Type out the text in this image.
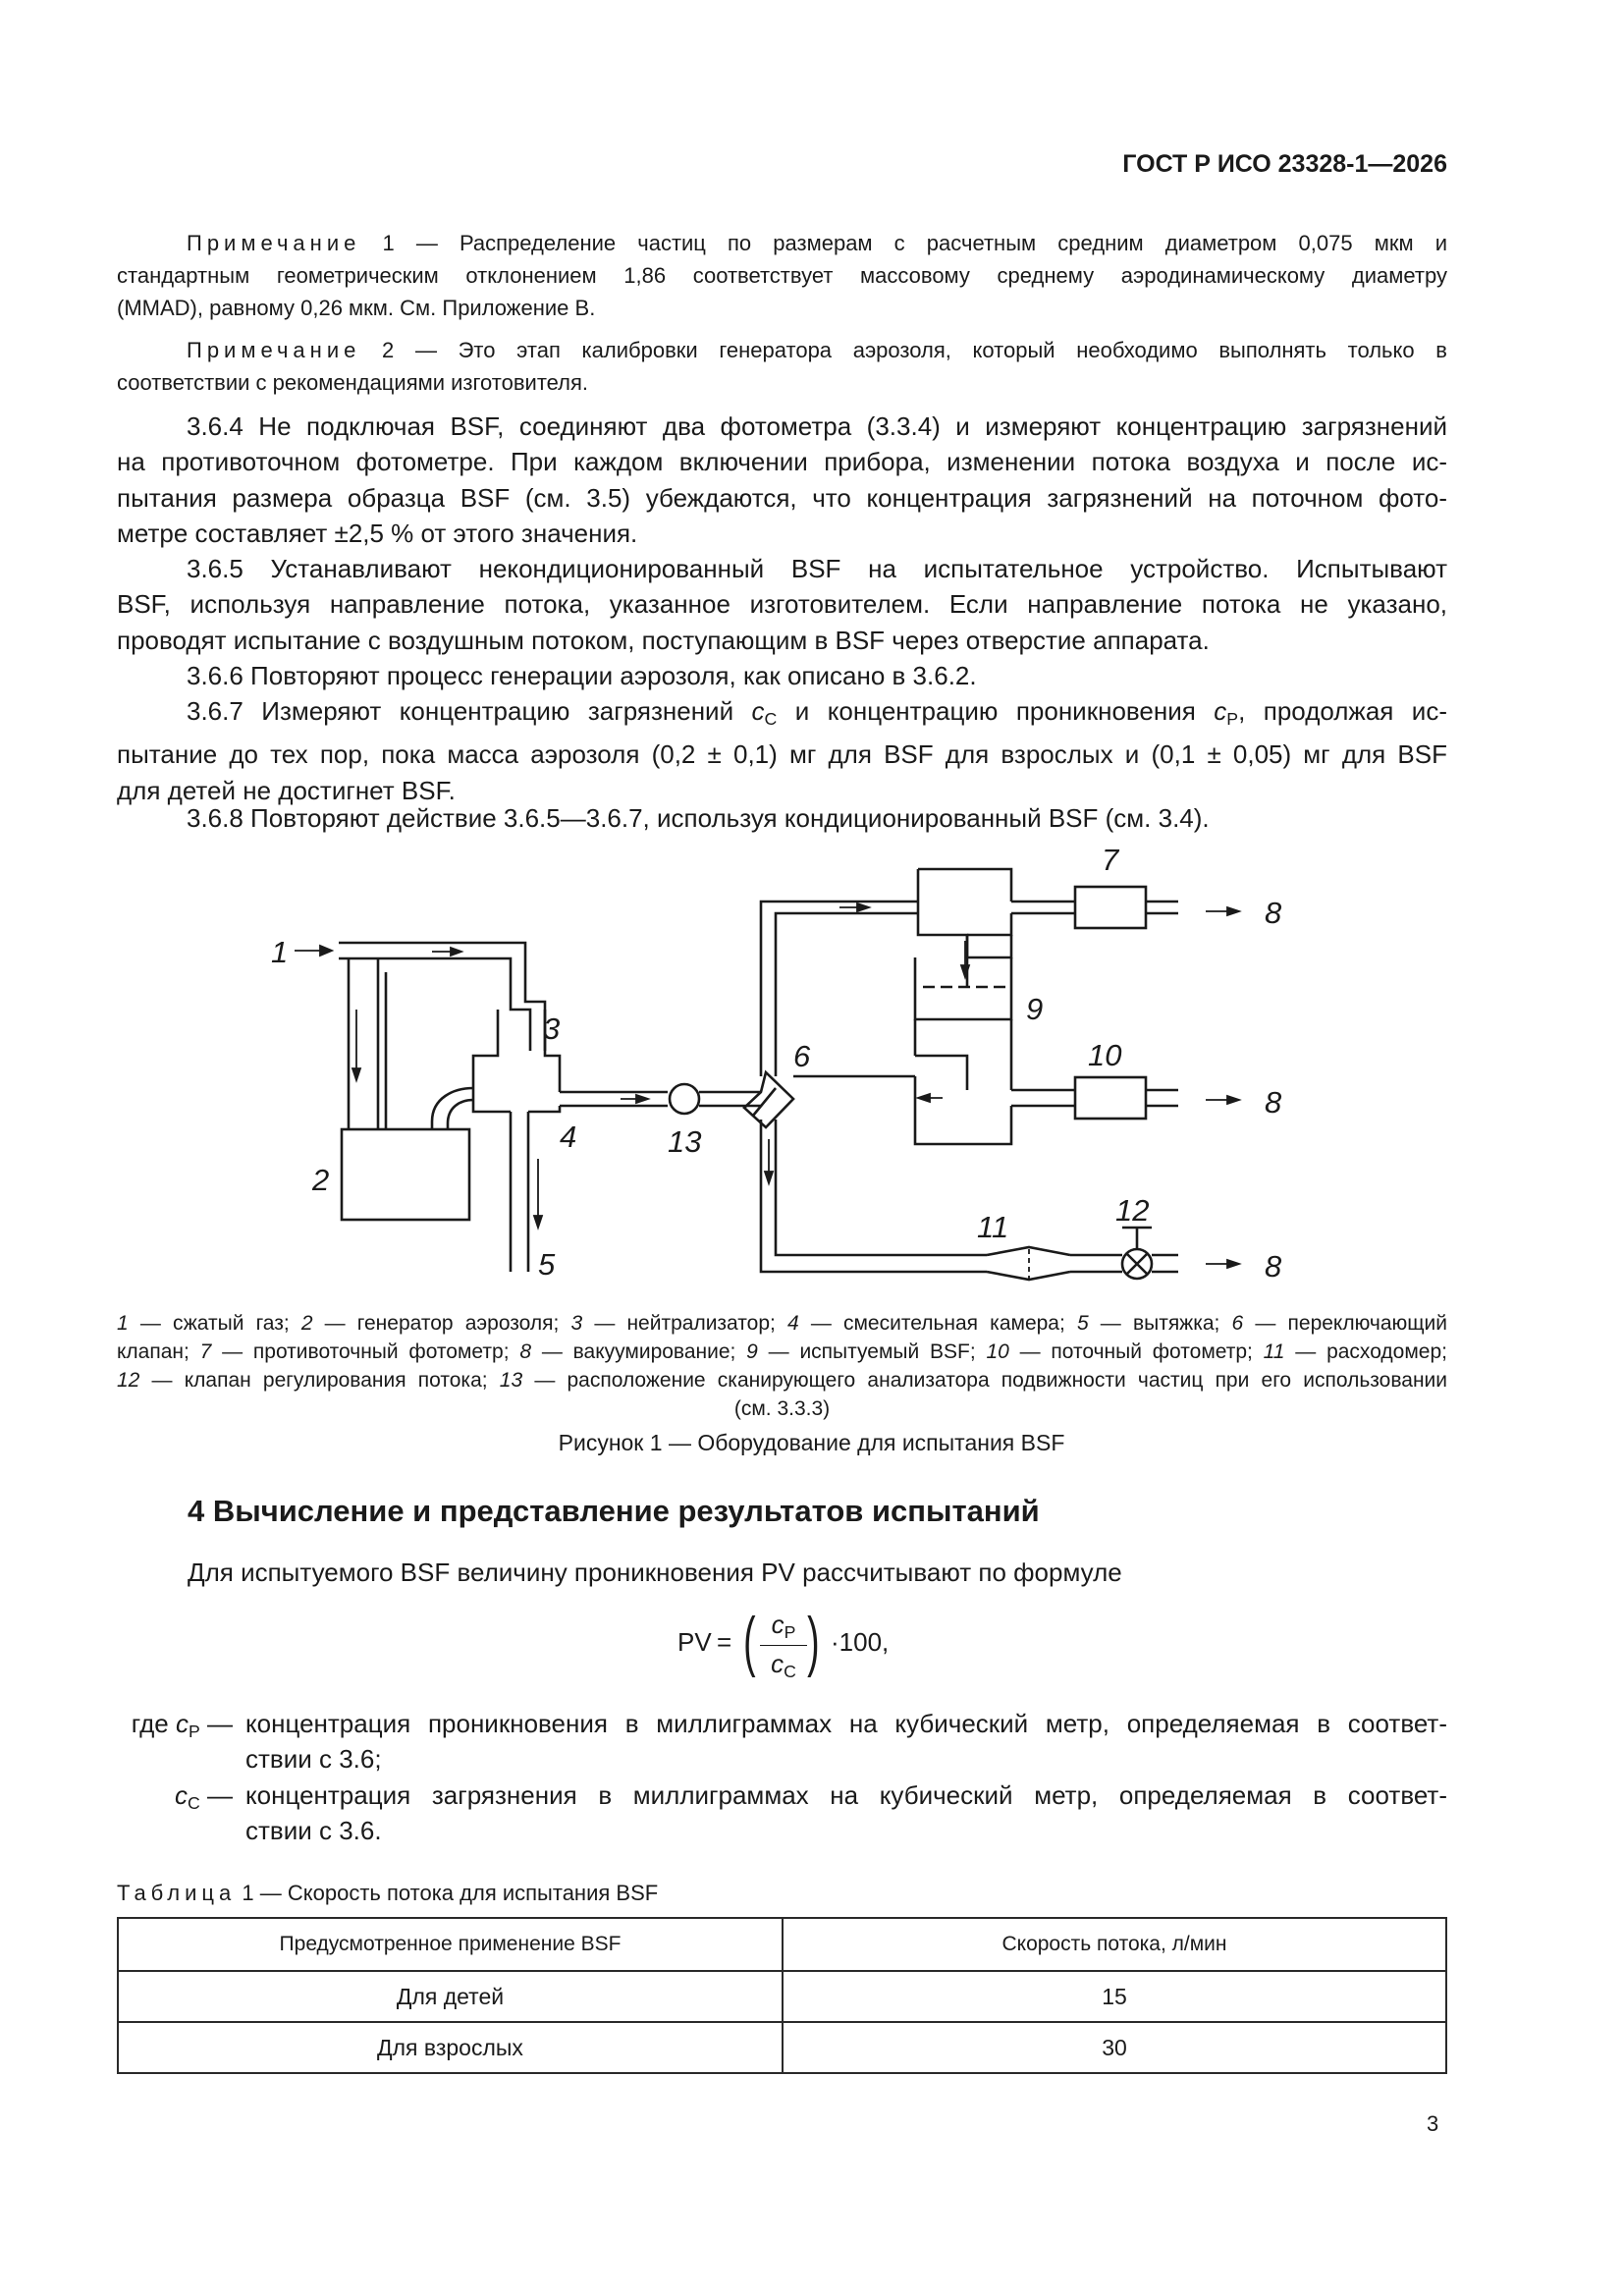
ГОСТ Р ИСО 23328-1—2026
Примечание 1 — Распределение частиц по размерам с расчетным средним диаметром 0,075 мкм и
стандартным геометрическим отклонением 1,86 соответствует массовому среднему аэродинамическому диаметру
(MMAD), равному 0,26 мкм. См. Приложение В.
Примечание 2 — Это этап калибровки генератора аэрозоля, который необходимо выполнять только в
соответствии с рекомендациями изготовителя.
3.6.4 Не подключая BSF, соединяют два фотометра (3.3.4) и измеряют концентрацию загрязнений
на противоточном фотометре. При каждом включении прибора, изменении потока воздуха и после ис-
пытания размера образца BSF (см. 3.5) убеждаются, что концентрация загрязнений на поточном фото-
метре составляет ±2,5 % от этого значения.
3.6.5 Устанавливают некондиционированный BSF на испытательное устройство. Испытывают
BSF, используя направление потока, указанное изготовителем. Если направление потока не указано,
проводят испытание с воздушным потоком, поступающим в BSF через отверстие аппарата.
3.6.6 Повторяют процесс генерации аэрозоля, как описано в 3.6.2.
3.6.7 Измеряют концентрацию загрязнений $c_C$ и концентрацию проникновения $c_P$, продолжая ис-
пытание до тех пор, пока масса аэрозоля (0,2 ± 0,1) мг для BSF для взрослых и (0,1 ± 0,05) мг для BSF
для детей не достигнет BSF.
3.6.8 Повторяют действие 3.6.5—3.6.7, используя кондиционированный BSF (см. 3.4).
1
2
3
4
5
6
7
8
8
8
9
10
11	12
13
1 — сжатый газ; 2 — генератор аэрозоля; 3 — нейтрализатор; 4 — смесительная камера; 5 — вытяжка; 6 — переключающий
клапан; 7 — противоточный фотометр; 8 — вакуумирование; 9 — испытуемый BSF; 10 — поточный фотометр; 11 — расходомер;
12 — клапан регулирования потока; 13 — расположение сканирующего анализатора подвижности частиц при его использовании
(см. 3.3.3)
Рисунок 1 — Оборудование для испытания BSF
4 Вычисление и представление результатов испытаний
Для испытуемого BSF величину проникновения PV рассчитывают по формуле
PV = ( $c_P$
$c_C$ ) ·100,
где $c_P$ — концентрация проникновения в миллиграммах на кубический метр, определяемая в соответ-
ствии с 3.6;
$c_C$ — концентрация загрязнения в миллиграммах на кубический метр, определяемая в соответ-
ствии с 3.6.
Таблица 1 — Скорость потока для испытания BSF
Предусмотренное применение BSF	Скорость потока, л/мин
Для детей	15
Для взрослых	30
3
